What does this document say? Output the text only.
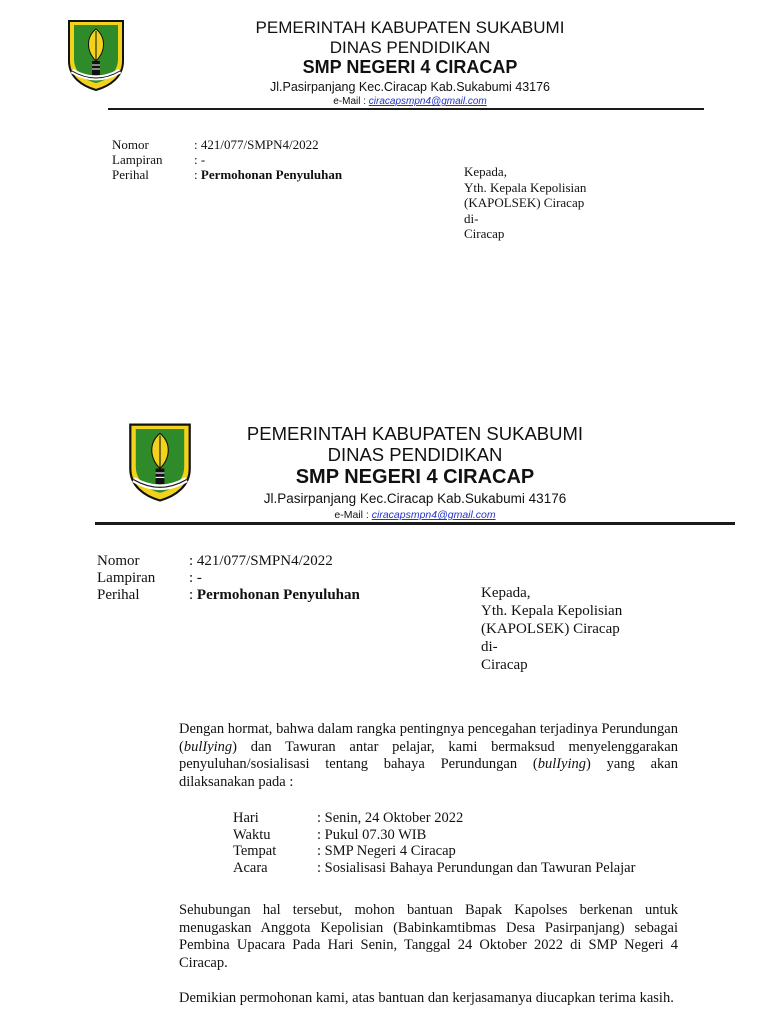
PEMERINTAH KABUPATEN SUKABUMI

DINAS PENDIDIKAN

SMP NEGERI 4 CIRACAP

Jl.Pasirpanjang Kec.Ciracap Kab.Sukabumi 43176

e-Mail : ciracapsmpn4@gmail.com

Nomor	: 421/077/SMPN4/2022
Lampiran	: -
Perihal	: Permohonan Penyuluhan	Kepada,
Yth. Kepala Kepolisian
(KAPOLSEK) Ciracap
di-
Ciracap

PEMERINTAH KABUPATEN SUKABUMI

DINAS PENDIDIKAN

SMP NEGERI 4 CIRACAP

Jl.Pasirpanjang Kec.Ciracap Kab.Sukabumi 43176

e-Mail : ciracapsmpn4@gmail.com

Nomor	: 421/077/SMPN4/2022
Lampiran	: -
Perihal	: Permohonan Penyuluhan	Kepada,
Yth. Kepala Kepolisian
(KAPOLSEK) Ciracap
di-
Ciracap

Dengan hormat, bahwa dalam rangka pentingnya pencegahan terjadinya Perundungan (bulIying) dan Tawuran antar pelajar, kami bermaksud menyelenggarakan penyuluhan/sosialisasi tentang bahaya Perundungan (bulIying) yang akan dilaksanakan pada :

Hari	: Senin, 24 Oktober 2022
Waktu	: Pukul 07.30 WIB
Tempat	: SMP Negeri 4 Ciracap
Acara	: Sosialisasi Bahaya Perundungan dan Tawuran Pelajar

Sehubungan hal tersebut, mohon bantuan Bapak Kapolses berkenan untuk menugaskan Anggota Kepolisian (Babinkamtibmas Desa Pasirpanjang) sebagai Pembina Upacara Pada Hari Senin, Tanggal 24 Oktober 2022 di SMP Negeri 4 Ciracap.

Demikian permohonan kami, atas bantuan dan kerjasamanya diucapkan terima kasih.
